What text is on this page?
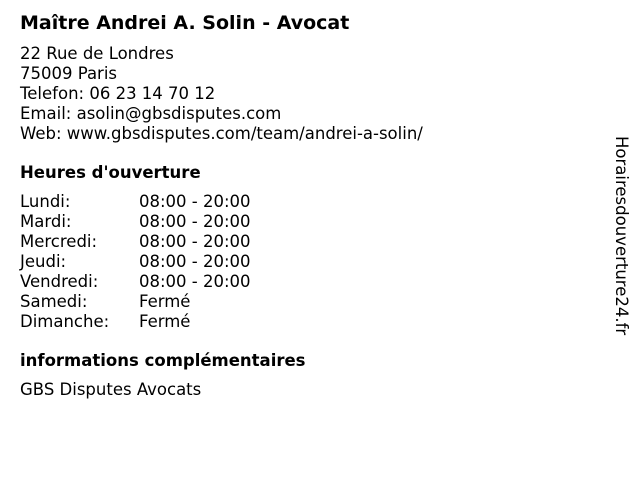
Maître Andrei A. Solin - Avocat
22 Rue de Londres
75009 Paris
Telefon: 06 23 14 70 12
Email: asolin@gbsdisputes.com
Web: www.gbsdisputes.com/team/andrei-a-solin/
Heures d'ouverture
Lundi:	08:00 - 20:00
Mardi:	08:00 - 20:00
Mercredi:	08:00 - 20:00
Jeudi:	08:00 - 20:00
Vendredi:	08:00 - 20:00
Samedi:	Fermé
Dimanche:	Fermé
informations complémentaires
GBS Disputes Avocats
Horairesdouverture24.fr
